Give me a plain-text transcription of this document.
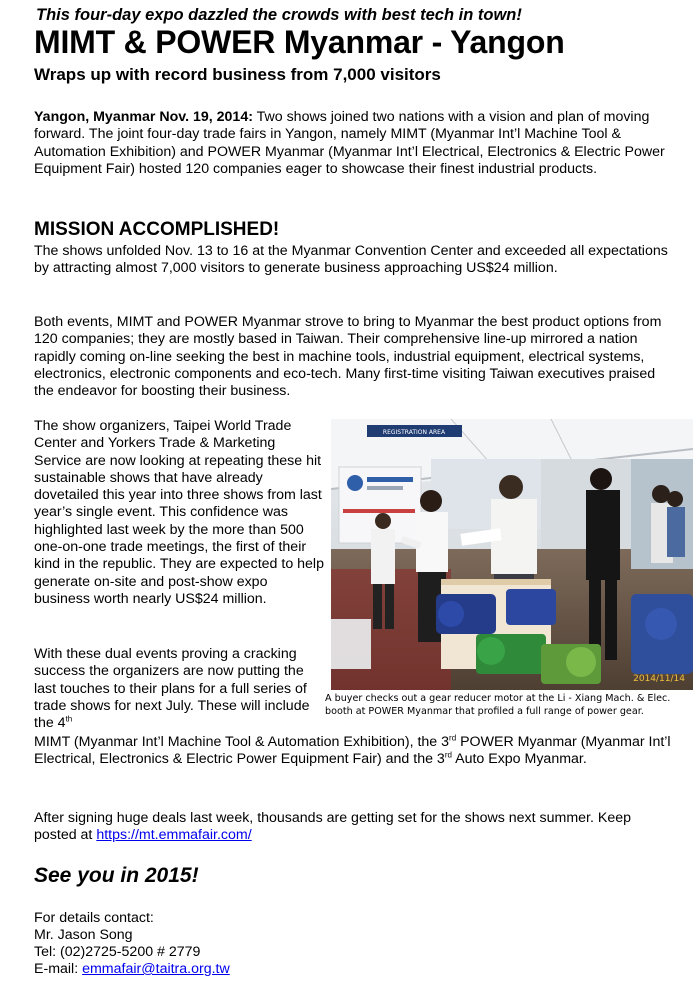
This four-day expo dazzled the crowds with best tech in town!
MIMT & POWER Myanmar - Yangon
Wraps up with record business from 7,000 visitors

Yangon, Myanmar Nov. 19, 2014: Two shows joined two nations with a vision and plan of moving forward. The joint four-day trade fairs in Yangon, namely MIMT (Myanmar Int’l Machine Tool & Automation Exhibition) and POWER Myanmar (Myanmar Int’l Electrical, Electronics & Electric Power Equipment Fair) hosted 120 companies eager to showcase their finest industrial products.

MISSION ACCOMPLISHED!

The shows unfolded Nov. 13 to 16 at the Myanmar Convention Center and exceeded all expectations by attracting almost 7,000 visitors to generate business approaching US$24 million.

Both events, MIMT and POWER Myanmar strove to bring to Myanmar the best product options from 120 companies; they are mostly based in Taiwan. Their comprehensive line-up mirrored a nation rapidly coming on-line seeking the best in machine tools, industrial equipment, electrical systems, electronics, electronic components and eco-tech. Many first-time visiting Taiwan executives praised the endeavor for boosting their business.

The show organizers, Taipei World Trade Center and Yorkers Trade & Marketing Service are now looking at repeating these hit sustainable shows that have already dovetailed this year into three shows from last year’s single event. This confidence was highlighted last week by the more than 500 one-on-one trade meetings, the first of their kind in the republic. They are expected to help generate on-site and post-show expo business worth nearly US$24 million.

REGISTRATION AREA
2014/11/14
A buyer checks out a gear reducer motor at the Li - Xiang Mach. & Elec. booth at POWER Myanmar that profiled a full range of power gear.

With these dual events proving a cracking success the organizers are now putting the last touches to their plans for a full series of trade shows for next July. These will include the 4th

MIMT (Myanmar Int’l Machine Tool & Automation Exhibition), the 3rd POWER Myanmar (Myanmar Int’l Electrical, Electronics & Electric Power Equipment Fair) and the 3rd Auto Expo Myanmar.

After signing huge deals last week, thousands are getting set for the shows next summer. Keep posted at https://mt.emmafair.com/

See you in 2015!
For details contact:
Mr. Jason Song
Tel: (02)2725-5200 # 2779
E-mail: emmafair@taitra.org.tw
